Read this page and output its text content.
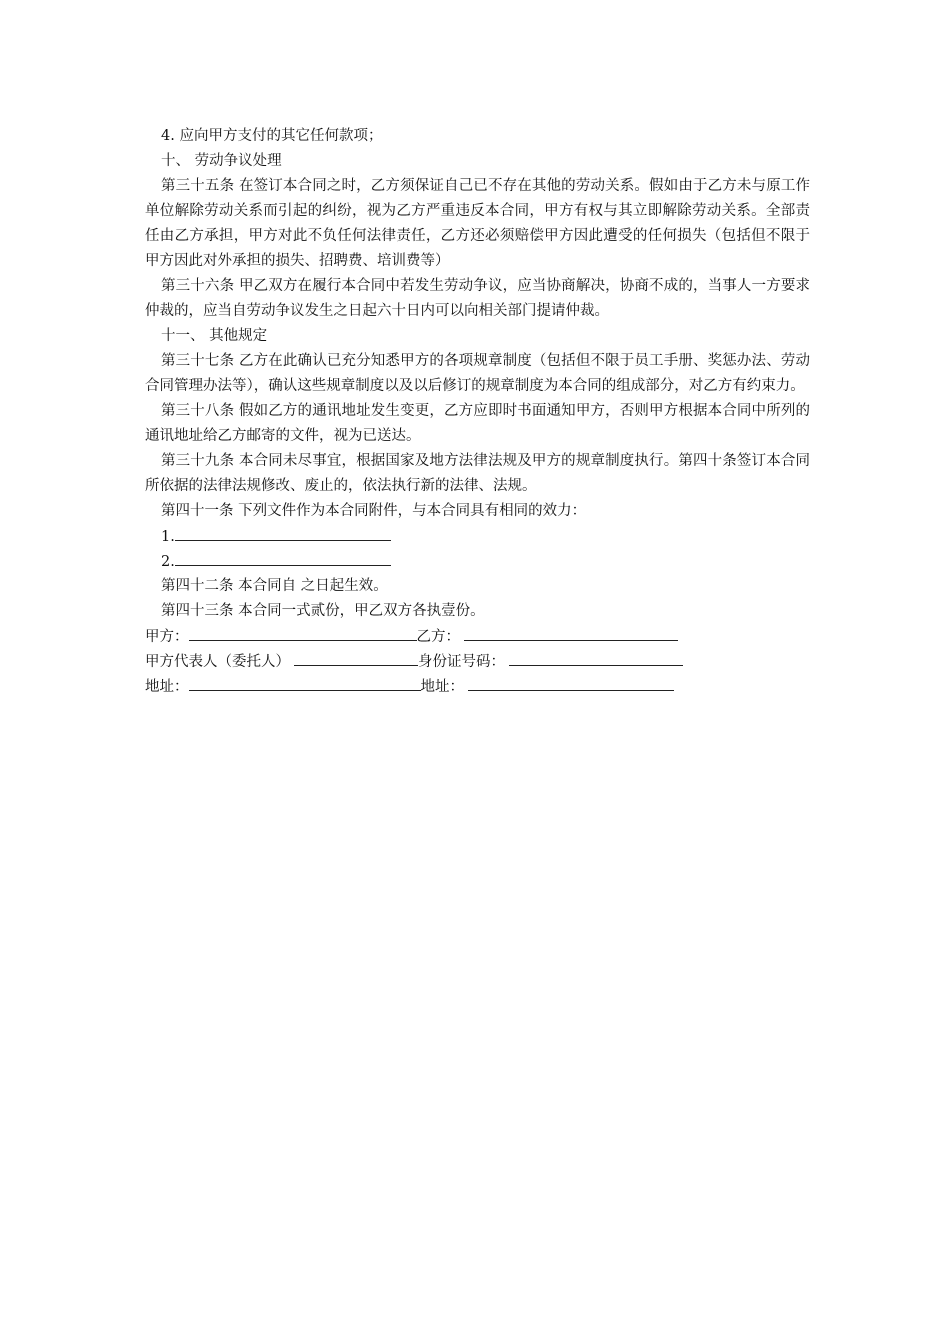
4. 应向甲方支付的其它任何款项；
十、 劳动争议处理

第三十五条 在签订本合同之时，乙方须保证自己已不存在其他的劳动关系。假如由于乙方未与原工作单位解除劳动关系而引起的纠纷，视为乙方严重违反本合同，甲方有权与其立即解除劳动关系。全部责任由乙方承担，甲方对此不负任何法律责任，乙方还必须赔偿甲方因此遭受的任何损失（包括但不限于甲方因此对外承担的损失、招聘费、培训费等）

第三十六条 甲乙双方在履行本合同中若发生劳动争议，应当协商解决，协商不成的，当事人一方要求仲裁的，应当自劳动争议发生之日起六十日内可以向相关部门提请仲裁。

十一、 其他规定

第三十七条 乙方在此确认已充分知悉甲方的各项规章制度（包括但不限于员工手册、奖惩办法、劳动合同管理办法等），确认这些规章制度以及以后修订的规章制度为本合同的组成部分，对乙方有约束力。

第三十八条 假如乙方的通讯地址发生变更，乙方应即时书面通知甲方，否则甲方根据本合同中所列的通讯地址给乙方邮寄的文件，视为已送达。

第三十九条 本合同未尽事宜，根据国家及地方法律法规及甲方的规章制度执行。第四十条签订本合同所依据的法律法规修改、废止的，依法执行新的法律、法规。

第四十一条 下列文件作为本合同附件，与本合同具有相同的效力：
1.
2.
第四十二条 本合同自 之日起生效。
第四十三条 本合同一式贰份，甲乙双方各执壹份。
甲方：	乙方：
甲方代表人（委托人）	身份证号码：
地址：	地址：
